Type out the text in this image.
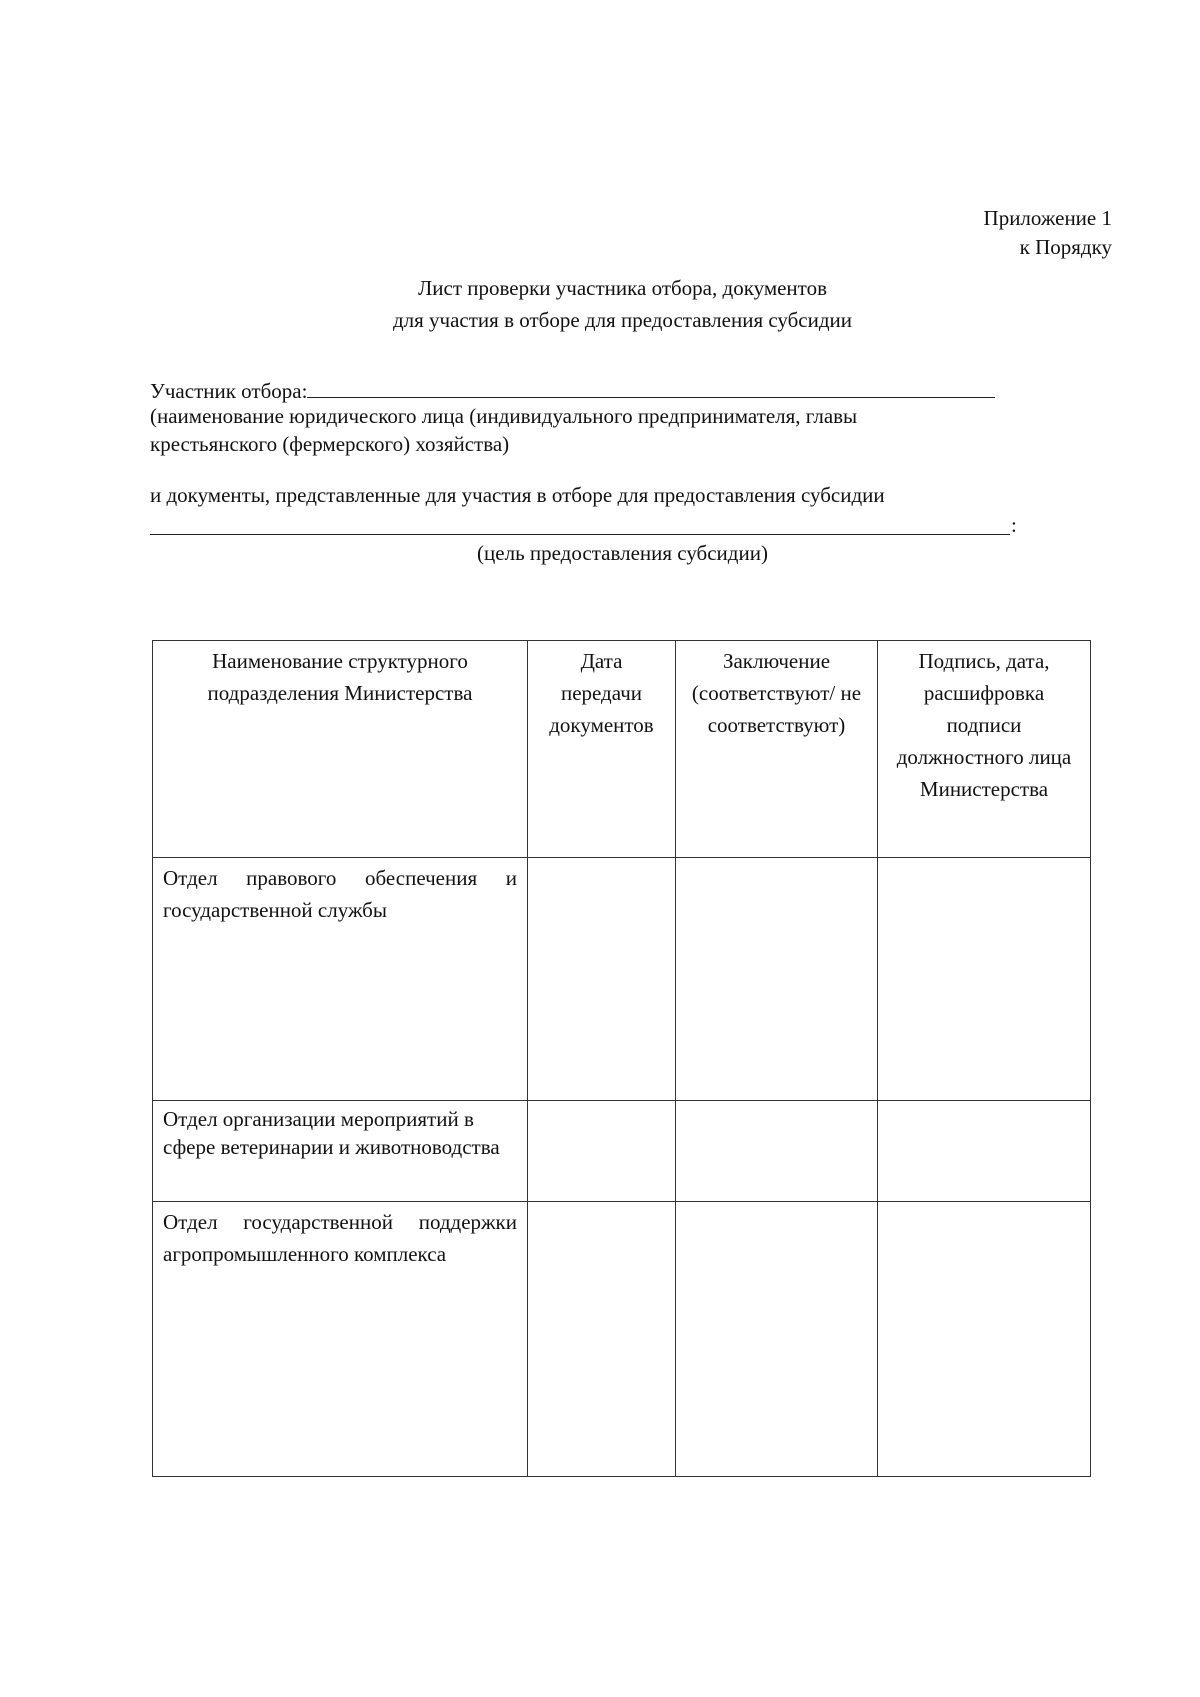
Приложение 1
к Порядку
Лист проверки участника отбора, документов
для участия в отборе для предоставления субсидии
Участник отбора:
(наименование юридического лица (индивидуального предпринимателя, главы
крестьянского (фермерского) хозяйства)
и документы, представленные для участия в отборе для предоставления субсидии
:
(цель предоставления субсидии)
Наименование структурного подразделения Министерства	Дата передачи документов	Заключение (соответствуют/ не соответствуют)	Подпись, дата, расшифровка подписи должностного лица Министерства
Отдел правового обеспечения и государственной службы			
Отдел организации мероприятий в сфере ветеринарии и животноводства			
Отдел государственной поддержки агропромышленного комплекса			
